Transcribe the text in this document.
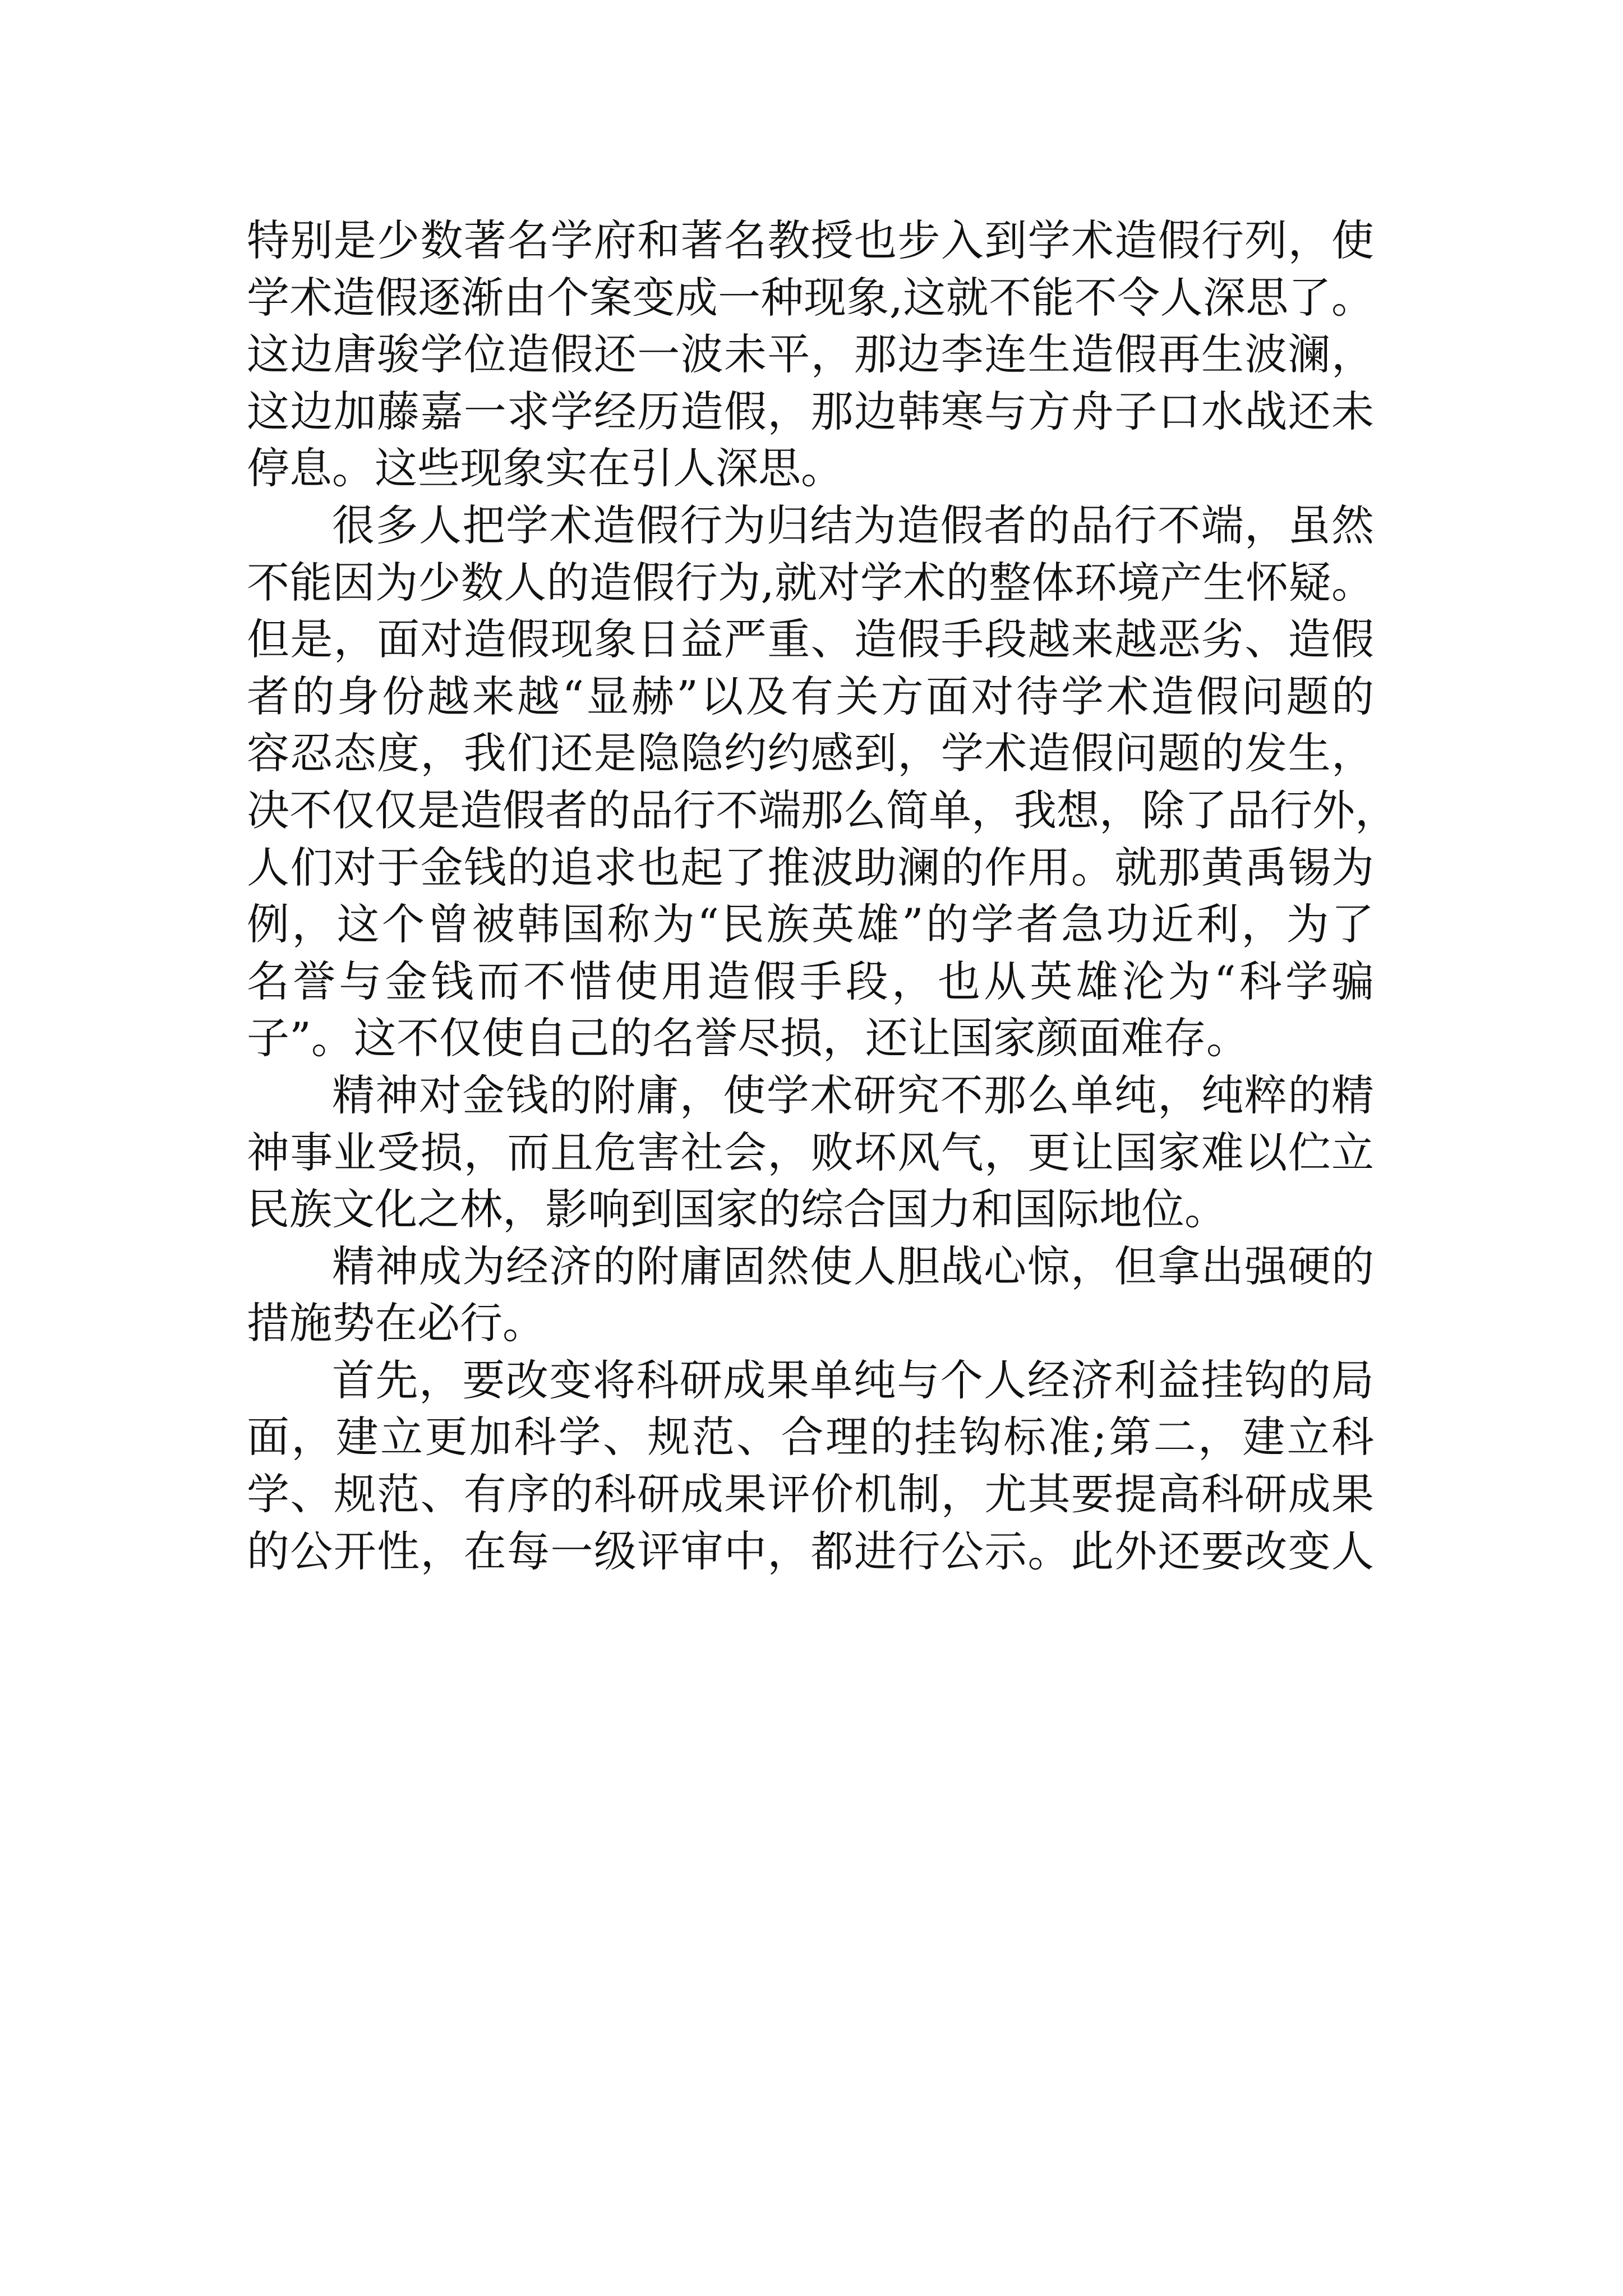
特别是少数著名学府和著名教授也步入到学术造假行列，使
学术造假逐渐由个案变成一种现象,这就不能不令人深思了。
这边唐骏学位造假还一波未平，那边李连生造假再生波澜，
这边加藤嘉一求学经历造假，那边韩寒与方舟子口水战还未
停息。这些现象实在引人深思。
很多人把学术造假行为归结为造假者的品行不端，虽然
不能因为少数人的造假行为,就对学术的整体环境产生怀疑。
但是，面对造假现象日益严重、造假手段越来越恶劣、造假
者的身份越来越“显赫”以及有关方面对待学术造假问题的
容忍态度，我们还是隐隐约约感到，学术造假问题的发生，
决不仅仅是造假者的品行不端那么简单，我想，除了品行外，
人们对于金钱的追求也起了推波助澜的作用。就那黄禹锡为
例，这个曾被韩国称为“民族英雄”的学者急功近利，为了
名誉与金钱而不惜使用造假手段，也从英雄沦为“科学骗
子”。这不仅使自己的名誉尽损，还让国家颜面难存。
精神对金钱的附庸，使学术研究不那么单纯，纯粹的精
神事业受损，而且危害社会，败坏风气，更让国家难以伫立
民族文化之林，影响到国家的综合国力和国际地位。
精神成为经济的附庸固然使人胆战心惊，但拿出强硬的
措施势在必行。
首先，要改变将科研成果单纯与个人经济利益挂钩的局
面，建立更加科学、规范、合理的挂钩标准;第二，建立科
学、规范、有序的科研成果评价机制，尤其要提高科研成果
的公开性，在每一级评审中，都进行公示。此外还要改变人
